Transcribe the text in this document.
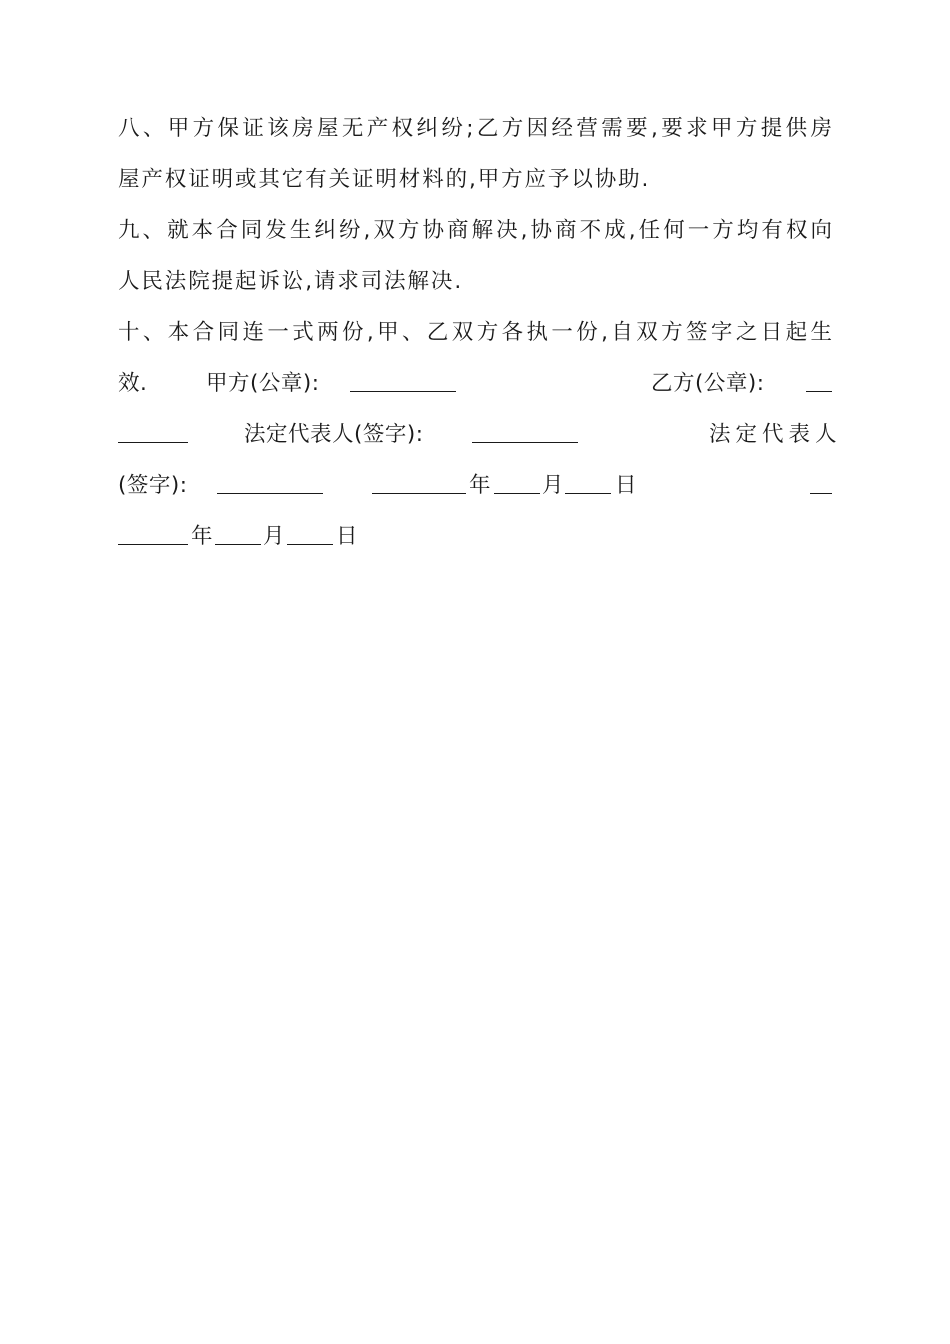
八、甲方保证该房屋无产权纠纷;乙方因经营需要,要求甲方提供房
屋产权证明或其它有关证明材料的,甲方应予以协助.
九、就本合同发生纠纷,双方协商解决,协商不成,任何一方均有权向
人民法院提起诉讼,请求司法解决.
十、本合同连一式两份,甲、乙双方各执一份,自双方签字之日起生
效.	甲方(公章):	乙方(公章):
法定代表人(签字):	法定代表人
(签字):	年 月 日
年 月 日
